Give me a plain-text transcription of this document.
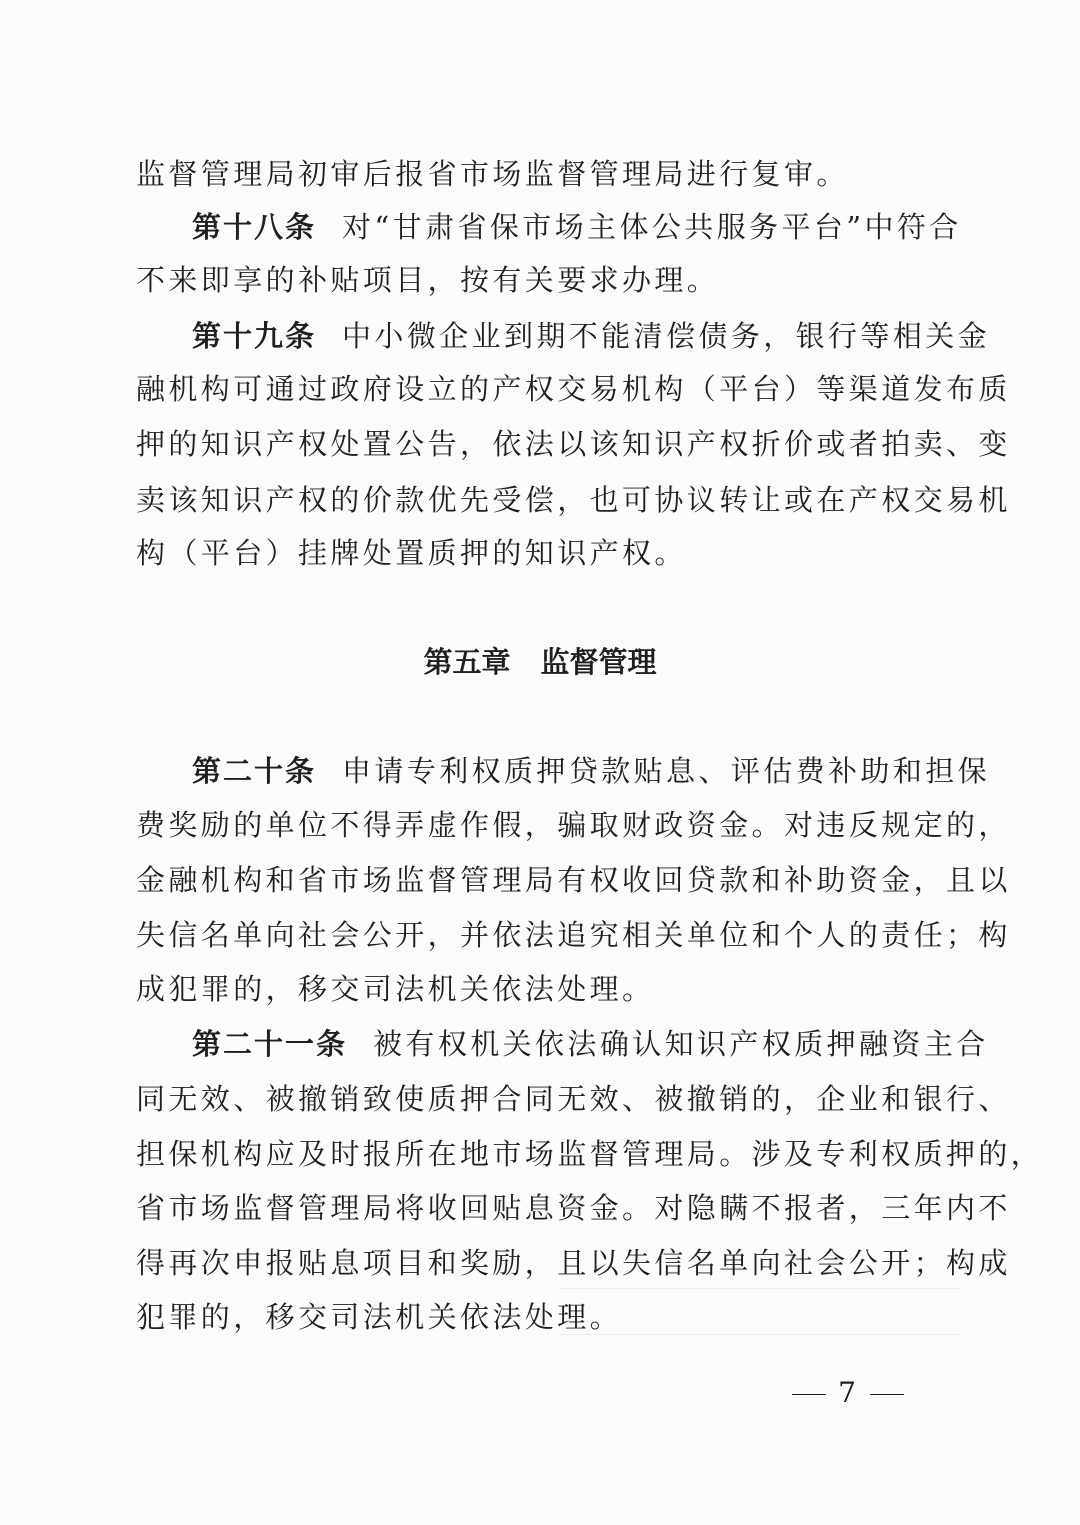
监督管理局初审后报省市场监督管理局进行复审。
第十八条 对“甘肃省保市场主体公共服务平台”中符合
不来即享的补贴项目，按有关要求办理。
第十九条 中小微企业到期不能清偿债务，银行等相关金
融机构可通过政府设立的产权交易机构（平台）等渠道发布质
押的知识产权处置公告，依法以该知识产权折价或者拍卖、变
卖该知识产权的价款优先受偿，也可协议转让或在产权交易机
构（平台）挂牌处置质押的知识产权。
第五章 监督管理
第二十条 申请专利权质押贷款贴息、评估费补助和担保
费奖励的单位不得弄虚作假，骗取财政资金。对违反规定的，
金融机构和省市场监督管理局有权收回贷款和补助资金，且以
失信名单向社会公开，并依法追究相关单位和个人的责任；构
成犯罪的，移交司法机关依法处理。
第二十一条 被有权机关依法确认知识产权质押融资主合
同无效、被撤销致使质押合同无效、被撤销的，企业和银行、
担保机构应及时报所在地市场监督管理局。涉及专利权质押的，
省市场监督管理局将收回贴息资金。对隐瞒不报者，三年内不
得再次申报贴息项目和奖励，且以失信名单向社会公开；构成
犯罪的，移交司法机关依法处理。
7
